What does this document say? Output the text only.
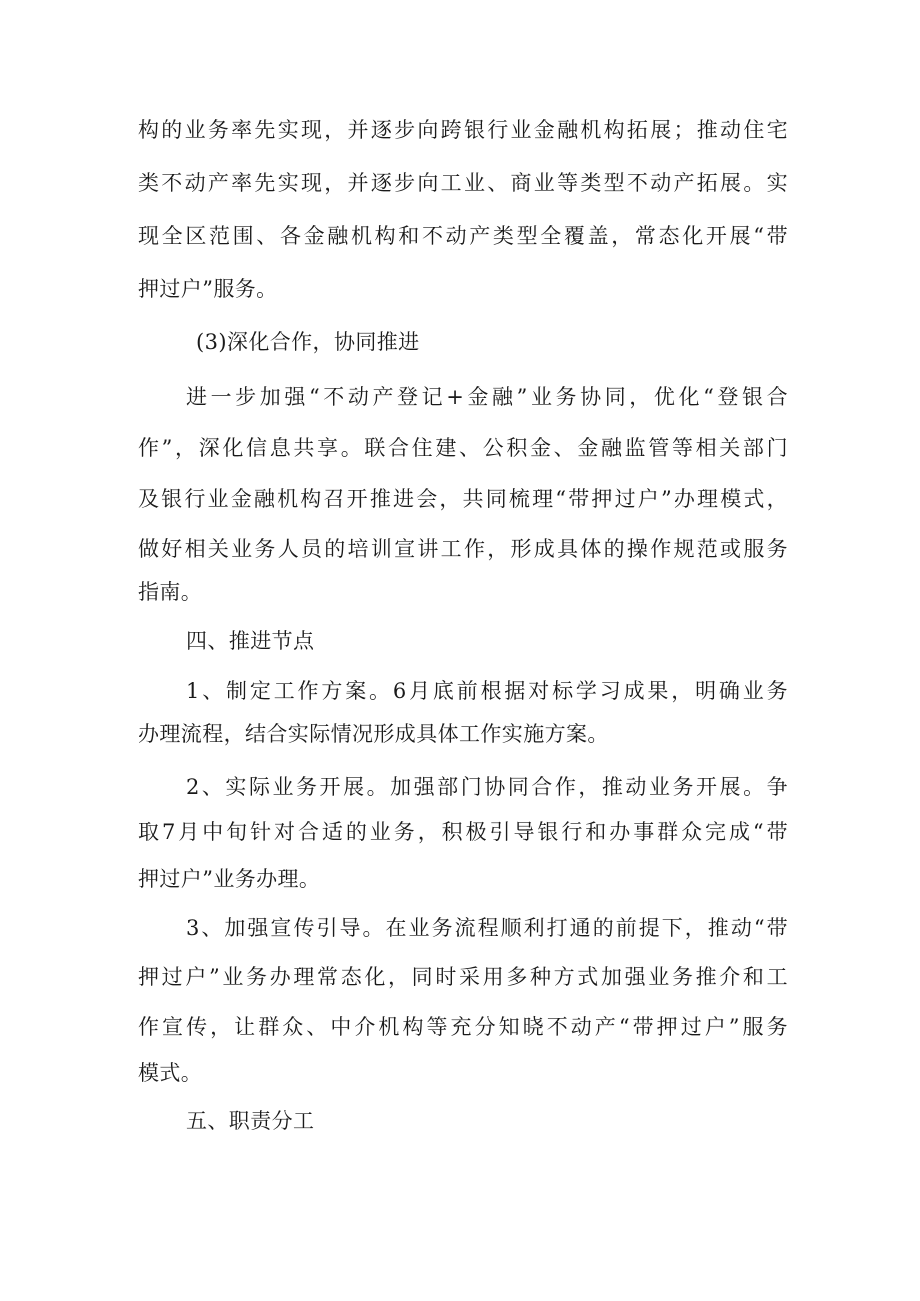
构的业务率先实现，并逐步向跨银行业金融机构拓展；推动住宅
类不动产率先实现，并逐步向工业、商业等类型不动产拓展。实
现全区范围、各金融机构和不动产类型全覆盖，常态化开展“带
押过户”服务。
(3)深化合作，协同推进
进一步加强“不动产登记+金融”业务协同，优化“登银合
作”，深化信息共享。联合住建、公积金、金融监管等相关部门
及银行业金融机构召开推进会，共同梳理“带押过户”办理模式，
做好相关业务人员的培训宣讲工作，形成具体的操作规范或服务
指南。
四、推进节点
1、制定工作方案。6月底前根据对标学习成果，明确业务
办理流程，结合实际情况形成具体工作实施方案。
2、实际业务开展。加强部门协同合作，推动业务开展。争
取7月中旬针对合适的业务，积极引导银行和办事群众完成“带
押过户”业务办理。
3、加强宣传引导。在业务流程顺利打通的前提下，推动“带
押过户”业务办理常态化，同时采用多种方式加强业务推介和工
作宣传，让群众、中介机构等充分知晓不动产“带押过户”服务
模式。
五、职责分工
